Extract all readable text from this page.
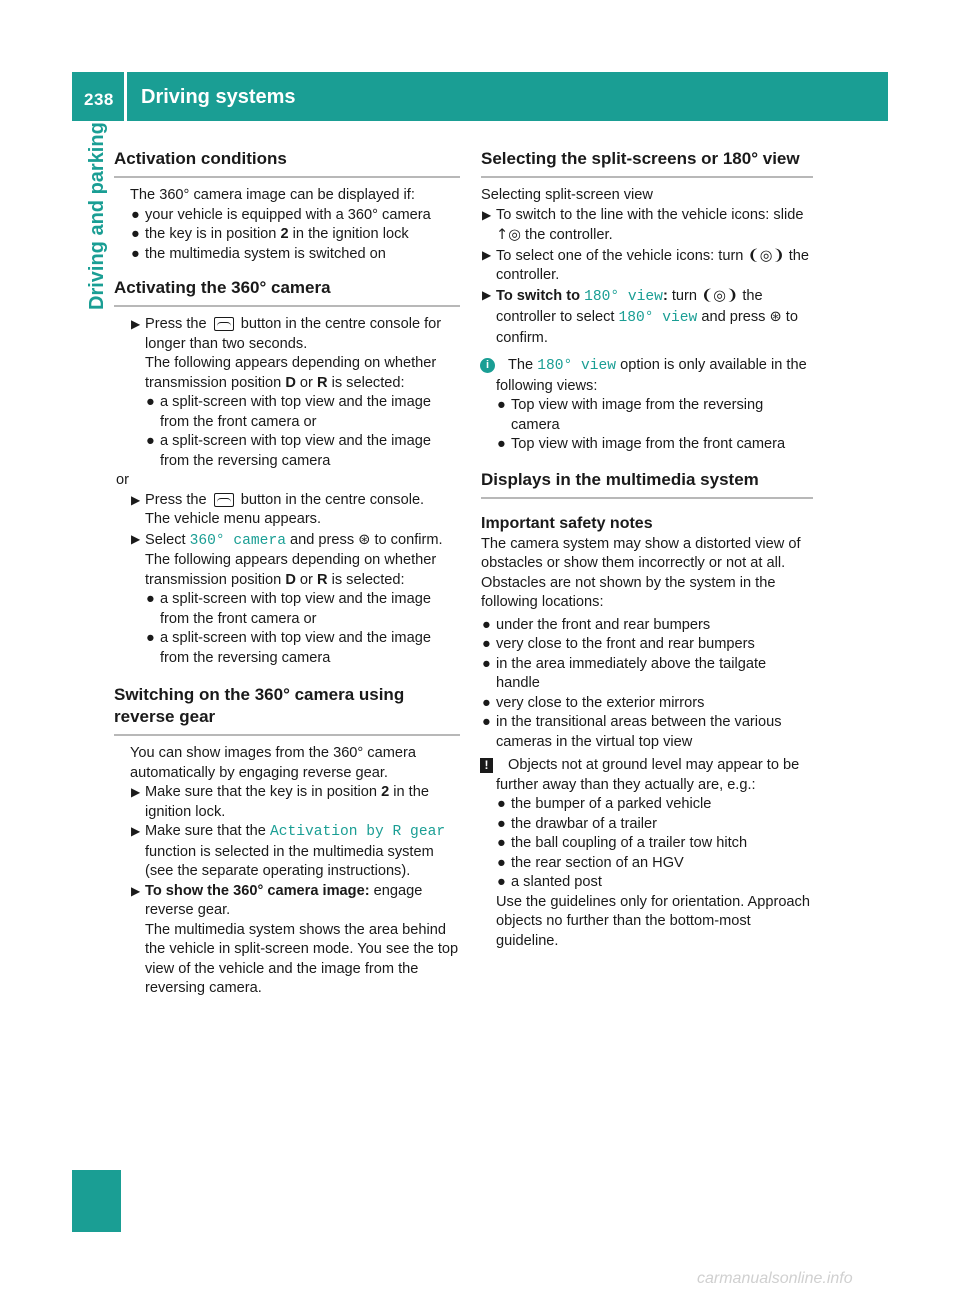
238 Driving systems
Driving and parking Activation conditions

The 360° camera image can be displayed if:

● your vehicle is equipped with a 360° camera
● the key is in position 2 in the ignition lock
● the multimedia system is switched on
Activating the 360° camera
▶ Press the  button in the centre console for longer than two seconds.
The following appears depending on whether transmission position D or R is selected:
● a split-screen with top view and the image from the front camera or
● a split-screen with top view and the image from the reversing camera

or

▶ Press the  button in the centre console.
The vehicle menu appears.
▶ Select 360° camera and press ⊛ to confirm.
The following appears depending on whether transmission position D or R is selected:
● a split-screen with top view and the image from the front camera or
● a split-screen with top view and the image from the reversing camera
Switching on the 360° camera using reverse gear

You can show images from the 360° camera automatically by engaging reverse gear.

▶ Make sure that the key is in position 2 in the ignition lock.
▶ Make sure that the Activation by R gear function is selected in the multimedia system (see the separate operating instructions).
▶ To show the 360° camera image: engage reverse gear.
The multimedia system shows the area behind the vehicle in split-screen mode. You see the top view of the vehicle and the image from the reversing camera.
Selecting the split-screens or 180° view

Selecting split-screen view

▶ To switch to the line with the vehicle icons: slide ↑◎ the controller.
▶ To select one of the vehicle icons: turn ❨◎❩ the controller.
▶ To switch to 180° view: turn ❨◎❩ the controller to select 180° view and press ⊛ to confirm.
i	The 180° view option is only available in the following views:
● Top view with image from the reversing camera
● Top view with image from the front camera
Displays in the multimedia system
Important safety notes

The camera system may show a distorted view of obstacles or show them incorrectly or not at all. Obstacles are not shown by the system in the following locations:

● under the front and rear bumpers
● very close to the front and rear bumpers
● in the area immediately above the tailgate handle
● very close to the exterior mirrors
● in the transitional areas between the various cameras in the virtual top view
!	Objects not at ground level may appear to be further away than they actually are, e.g.:
● the bumper of a parked vehicle
● the drawbar of a trailer
● the ball coupling of a trailer tow hitch
● the rear section of an HGV
● a slanted post

Use the guidelines only for orientation. Approach objects no further than the bottom-most guideline.

carmanualsonline.info
